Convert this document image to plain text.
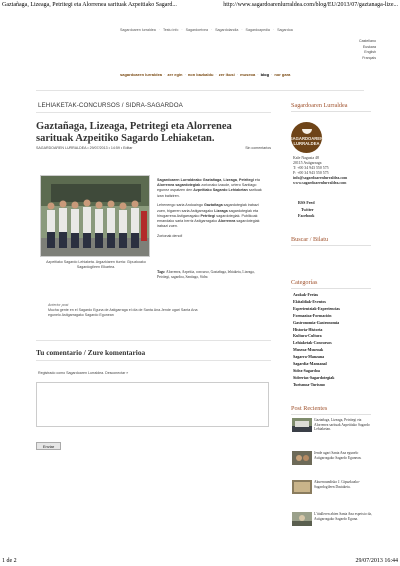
Gaztañaga, Lizeaga, Petritegi eta Alorrenea sarituak Azpeitiako Sagard...	http://www.sagardoarenlurraldea.com/blog/EU/2013/07/gaztanaga-lize...
Sagardoaren lurraldea · Testu info · Sagardoetxea · Sagardolandia · Sagardoapedia · Sagardoa
Castellano
Euskara
English
Français
sagardoaren lurraldea · zer egin · non bazkaldu · zer ikusi · museoa · blog · nor gara
LEHIAKETAK-CONCURSOS / SIDRA-SAGARDOA
Gaztañaga, Lizeaga, Petritegi eta Alorrenea sarituak Azpeitiko Sagardo Lehiaketan.
SAGARDOAREN LURRALDEA • 29/07/2013 • 14:59 • Editar	Sin comentarios
Azpeitiako Sagardo Lehiaketa. Argazkiaren iturria: Gipuzkoako Sagardogileen Elkartea.

Sagardoaren Lurraldeako Gaztañaga, Lizeaga, Petritegi eta Alorrenea sagardotegiak zorionako izaude, urtero Santiago egunez ospatzen den Azpeitiako Sagardo Lehiaketan sarituak izan baitziren.

Lehenengo saria Andoaingo Gaztañaga sagardotegiak irabazi zuen, bigarren saria Astigarragako Lizeaga sagardotegiak eta hirugarrena Astigarragako Petritegi sagardotegiak. Publikoak emandako saria berriz Astigarragako Alorrenea sagardotegiak irabazi zuen.

Zorionak denoi!

Tags: Alorrenea, Azpeitia, concurso, Gaztañaga, lehiaketa, Lizeaga, Petritegi, sagardoa, Santiago, Sidra
Anterior post
Mucha gente en el Sagardo Eguna de Astigarraga el día de Santa Ana.Jende ugari Santa Ana egunelo Astigarragako Sagardo Egunean
Tu comentario / Zure komentarioa
Registrado como Sagardoaren Lurraldea. Desconectar »
Enviar
Sagardoaren Lurraldea
SAGARDOAREN
LURRALDEA
Kale Nagusia 48
20115 Astigarraga
T: +00 34 943 550 575
F: +00 34 943 550 575
info@sagardoarenlurraldea.com
www.sagardoarenlurraldea.com
RSS Feed
Twitter
Facebook
Buscar / Bilatu
Categorías
Azokak-Ferias
Ekitaldiak-Eventos
Esperientziak-Experiencias
Formazioa-Formación
Gastronomia-Gastronomía
Historia-Historia
Kultura-Cultura
Lehiaketak-Concursos
Museoa-Museoak
Sagarra-Manzana
Sagardia-Manzanal
Sidra-Sagardoa
Sidrerias-Sagardotegiak
Turismoa-Turismo
Post Recientes
Gaztañaga, Lizeaga, Petritegi eta Alorrenea sarituak Azpeitiako Sagardo Lehiaketan.
Jende ugari Santa Ana egunelo Astigarragako Sagardo Egunean.
Akuerraundisko J. Gipuzkoako-Sagardogileen Dastaketa.
L'ittalleren abien Santa Ana espetxio da, Astigarragako Sagardo Eguna.
1 de 2	29/07/2013 16:44
